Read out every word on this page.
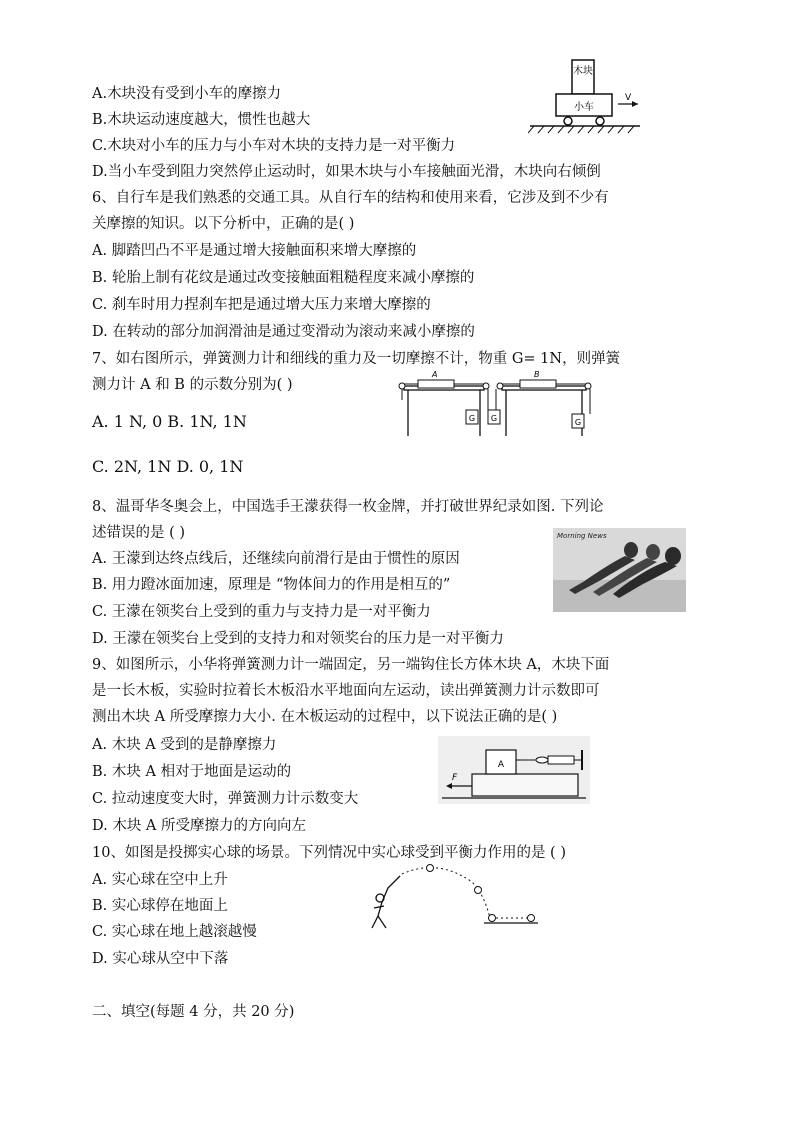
A.木块没有受到小车的摩擦力
B.木块运动速度越大，惯性也越大
C.木块对小车的压力与小车对木块的支持力是一对平衡力
D.当小车受到阻力突然停止运动时，如果木块与小车接触面光滑，木块向右倾倒
木块
小车
V
6、自行车是我们熟悉的交通工具。从自行车的结构和使用来看，它涉及到不少有
关摩擦的知识。以下分析中，正确的是( )
A. 脚踏凹凸不平是通过增大接触面积来增大摩擦的
B. 轮胎上制有花纹是通过改变接触面粗糙程度来减小摩擦的
C. 刹车时用力捏刹车把是通过增大压力来增大摩擦的
D. 在转动的部分加润滑油是通过变滑动为滚动来减小摩擦的
7、如右图所示，弹簧测力计和细线的重力及一切摩擦不计，物重 G= 1N，则弹簧
测力计 A 和 B 的示数分别为( )
A. 1 N, 0 B. 1N, 1N
C. 2N, 1N D. 0, 1N
A
G
B
G	G
8、温哥华冬奥会上，中国选手王濛获得一枚金牌，并打破世界纪录如图. 下列论
述错误的是 ( )
A. 王濛到达终点线后，还继续向前滑行是由于惯性的原因
B. 用力蹬冰面加速，原理是 “物体间力的作用是相互的”
C. 王濛在领奖台上受到的重力与支持力是一对平衡力
D. 王濛在领奖台上受到的支持力和对领奖台的压力是一对平衡力
Morning News
9、如图所示，小华将弹簧测力计一端固定，另一端钩住长方体木块 A，木块下面
是一长木板，实验时拉着长木板沿水平地面向左运动，读出弹簧测力计示数即可
测出木块 A 所受摩擦力大小. 在木板运动的过程中，以下说法正确的是( )
A. 木块 A 受到的是静摩擦力
B. 木块 A 相对于地面是运动的
C. 拉动速度变大时，弹簧测力计示数变大
D. 木块 A 所受摩擦力的方向向左
A
F
10、如图是投掷实心球的场景。下列情况中实心球受到平衡力作用的是 ( )
A. 实心球在空中上升
B. 实心球停在地面上
C. 实心球在地上越滚越慢
D. 实心球从空中下落
二、填空(每题 4 分，共 20 分)
